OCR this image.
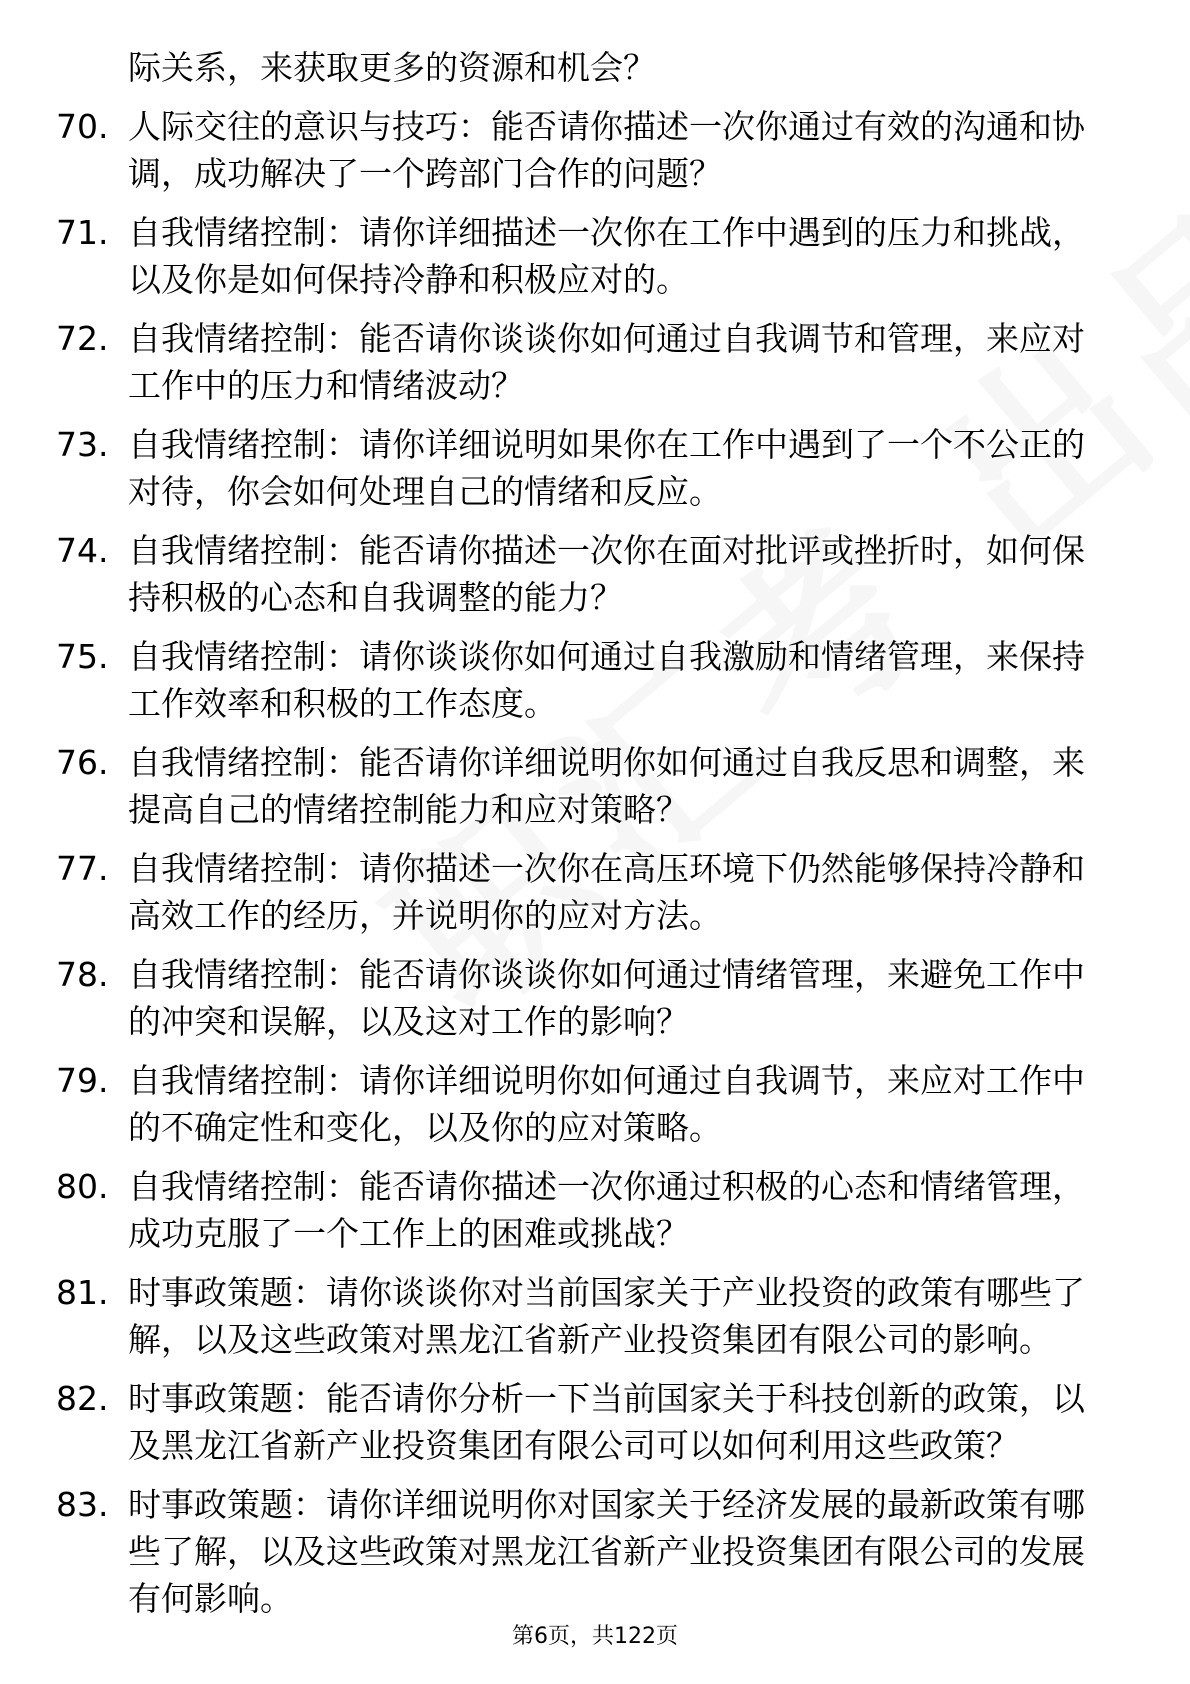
际关系，来获取更多的资源和机会？
70. 人际交往的意识与技巧：能否请你描述一次你通过有效的沟通和协调，成功解决了一个跨部门合作的问题？
71. 自我情绪控制：请你详细描述一次你在工作中遇到的压力和挑战，以及你是如何保持冷静和积极应对的。
72. 自我情绪控制：能否请你谈谈你如何通过自我调节和管理，来应对工作中的压力和情绪波动？
73. 自我情绪控制：请你详细说明如果你在工作中遇到了一个不公正的对待，你会如何处理自己的情绪和反应。
74. 自我情绪控制：能否请你描述一次你在面对批评或挫折时，如何保持积极的心态和自我调整的能力？
75. 自我情绪控制：请你谈谈你如何通过自我激励和情绪管理，来保持工作效率和积极的工作态度。
76. 自我情绪控制：能否请你详细说明你如何通过自我反思和调整，来提高自己的情绪控制能力和应对策略？
77. 自我情绪控制：请你描述一次你在高压环境下仍然能够保持冷静和高效工作的经历，并说明你的应对方法。
78. 自我情绪控制：能否请你谈谈你如何通过情绪管理，来避免工作中的冲突和误解，以及这对工作的影响？
79. 自我情绪控制：请你详细说明你如何通过自我调节，来应对工作中的不确定性和变化，以及你的应对策略。
80. 自我情绪控制：能否请你描述一次你通过积极的心态和情绪管理，成功克服了一个工作上的困难或挑战？
81. 时事政策题：请你谈谈你对当前国家关于产业投资的政策有哪些了解，以及这些政策对黑龙江省新产业投资集团有限公司的影响。
82. 时事政策题：能否请你分析一下当前国家关于科技创新的政策，以及黑龙江省新产业投资集团有限公司可以如何利用这些政策？
83. 时事政策题：请你详细说明你对国家关于经济发展的最新政策有哪些了解，以及这些政策对黑龙江省新产业投资集团有限公司的发展有何影响。
第6页，共122页
